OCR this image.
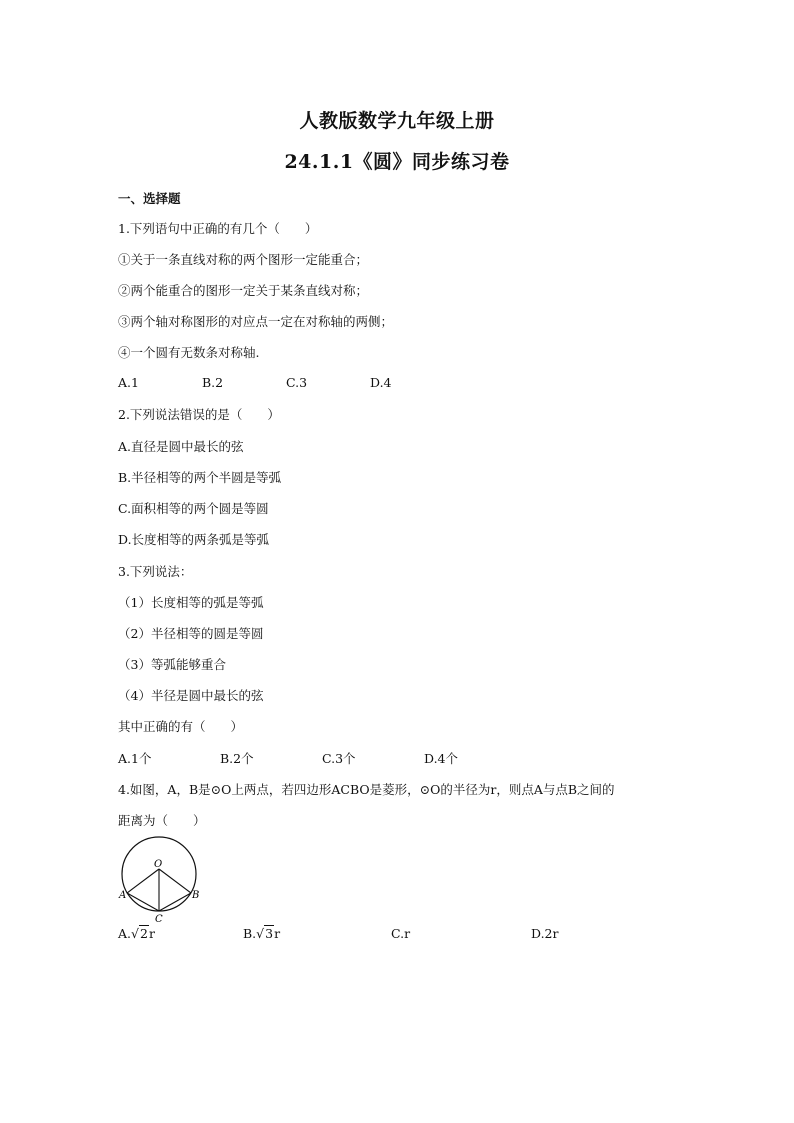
人教版数学九年级上册
24.1.1《圆》同步练习卷
一、选择题
1.下列语句中正确的有几个（　　）
①关于一条直线对称的两个图形一定能重合；
②两个能重合的图形一定关于某条直线对称；
③两个轴对称图形的对应点一定在对称轴的两侧；
④一个圆有无数条对称轴.
A.1	B.2	C.3	D.4
2.下列说法错误的是（　　）
A.直径是圆中最长的弦
B.半径相等的两个半圆是等弧
C.面积相等的两个圆是等圆
D.长度相等的两条弧是等弧
3.下列说法：
（1）长度相等的弧是等弧
（2）半径相等的圆是等圆
（3）等弧能够重合
（4）半径是圆中最长的弦
其中正确的有（　　）
A.1个	B.2个	C.3个	D.4个
4.如图，A，B是⊙O上两点，若四边形ACBO是菱形，⊙O的半径为r，则点A与点B之间的
距离为（　　）
O
A	B
C
A.√2r	B.√3r	C.r	D.2r
